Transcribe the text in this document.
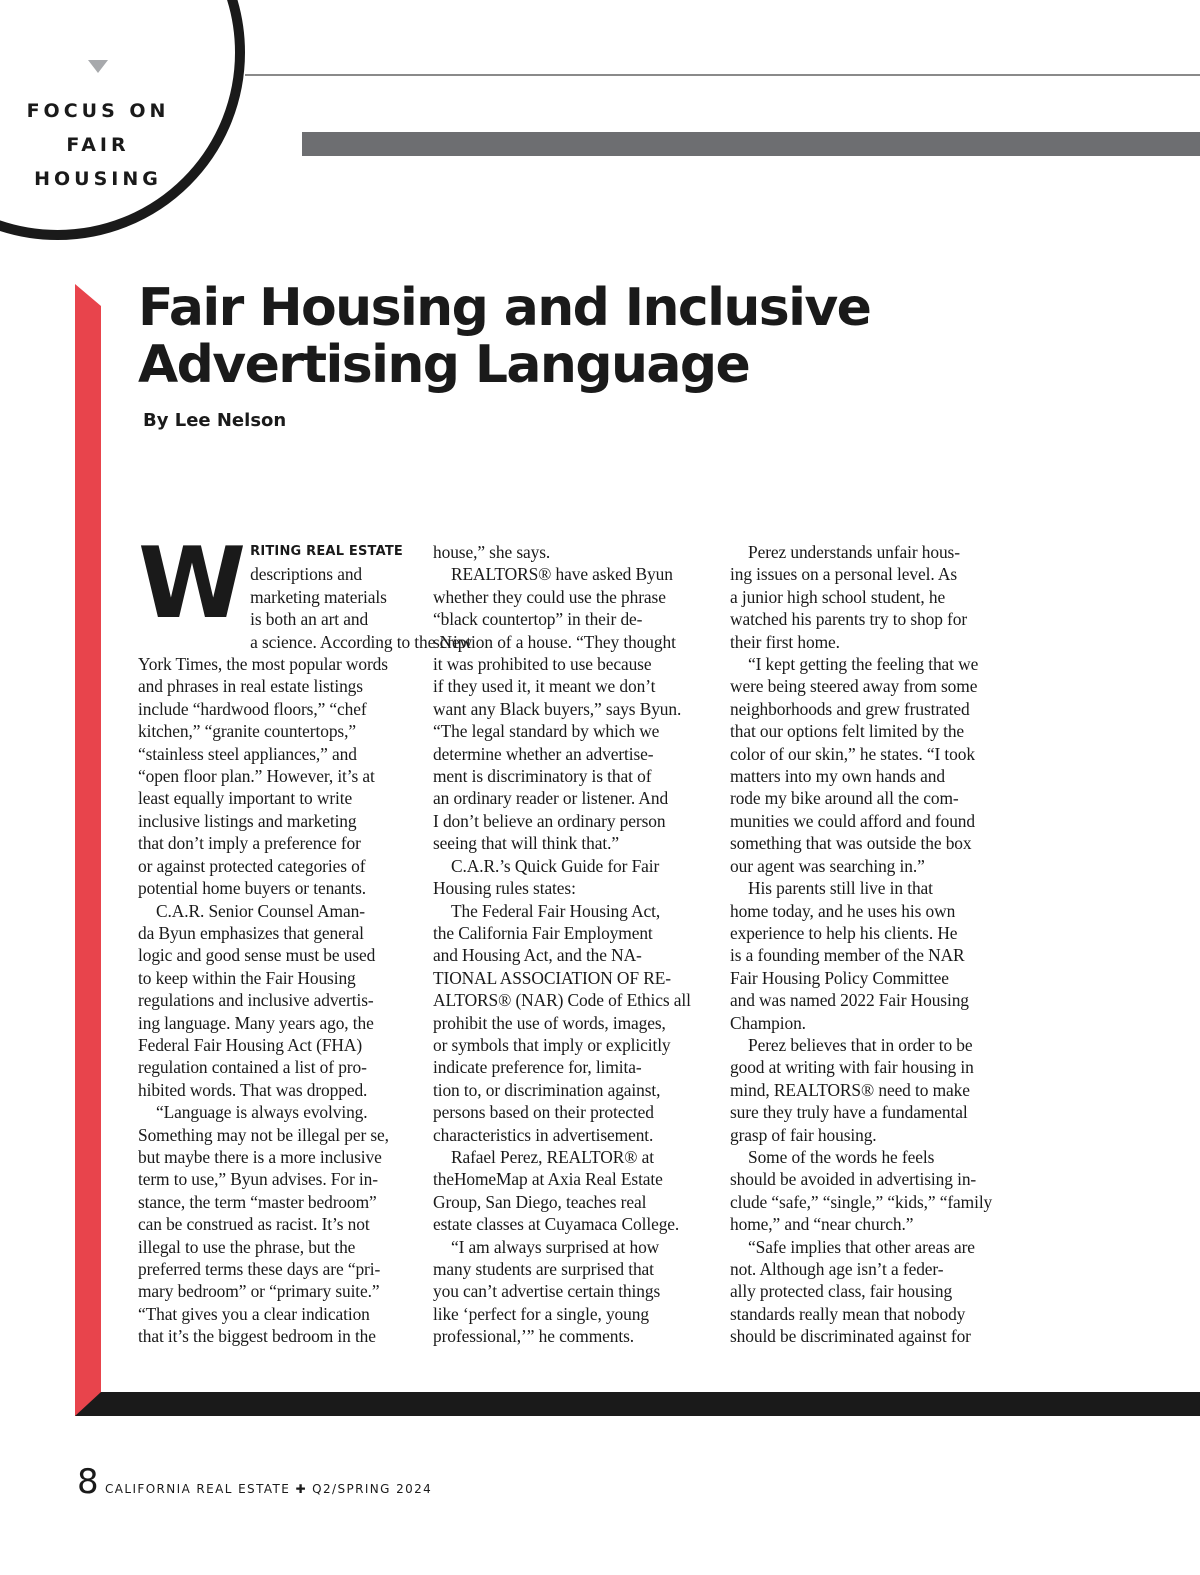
FOCUS ON
FAIR
HOUSING
Fair Housing and Inclusive
Advertising Language
By Lee Nelson
W RITING REAL ESTATE
descriptions and
marketing materials
is both an art and
a science. According to the New
York Times, the most popular words
and phrases in real estate listings
include “hardwood floors,” “chef
kitchen,” “granite countertops,”
“stainless steel appliances,” and
“open floor plan.” However, it’s at
least equally important to write
inclusive listings and marketing
that don’t imply a preference for
or against protected categories of
potential home buyers or tenants.
C.A.R. Senior Counsel Aman-
da Byun emphasizes that general
logic and good sense must be used
to keep within the Fair Housing
regulations and inclusive advertis-
ing language. Many years ago, the
Federal Fair Housing Act (FHA)
regulation contained a list of pro-
hibited words. That was dropped.
“Language is always evolving.
Something may not be illegal per se,
but maybe there is a more inclusive
term to use,” Byun advises. For in-
stance, the term “master bedroom”
can be construed as racist. It’s not
illegal to use the phrase, but the
preferred terms these days are “pri-
mary bedroom” or “primary suite.”
“That gives you a clear indication
that it’s the biggest bedroom in the
house,” she says.
REALTORS® have asked Byun
whether they could use the phrase
“black countertop” in their de-
scription of a house. “They thought
it was prohibited to use because
if they used it, it meant we don’t
want any Black buyers,” says Byun.
“The legal standard by which we
determine whether an advertise-
ment is discriminatory is that of
an ordinary reader or listener. And
I don’t believe an ordinary person
seeing that will think that.”
C.A.R.’s Quick Guide for Fair
Housing rules states:
The Federal Fair Housing Act,
the California Fair Employment
and Housing Act, and the NA-
TIONAL ASSOCIATION OF RE-
ALTORS® (NAR) Code of Ethics all
prohibit the use of words, images,
or symbols that imply or explicitly
indicate preference for, limita-
tion to, or discrimination against,
persons based on their protected
characteristics in advertisement.
Rafael Perez, REALTOR® at
theHomeMap at Axia Real Estate
Group, San Diego, teaches real
estate classes at Cuyamaca College.
“I am always surprised at how
many students are surprised that
you can’t advertise certain things
like ‘perfect for a single, young
professional,’” he comments.
Perez understands unfair hous-
ing issues on a personal level. As
a junior high school student, he
watched his parents try to shop for
their first home.
“I kept getting the feeling that we
were being steered away from some
neighborhoods and grew frustrated
that our options felt limited by the
color of our skin,” he states. “I took
matters into my own hands and
rode my bike around all the com-
munities we could afford and found
something that was outside the box
our agent was searching in.”
His parents still live in that
home today, and he uses his own
experience to help his clients. He
is a founding member of the NAR
Fair Housing Policy Committee
and was named 2022 Fair Housing
Champion.
Perez believes that in order to be
good at writing with fair housing in
mind, REALTORS® need to make
sure they truly have a fundamental
grasp of fair housing.
Some of the words he feels
should be avoided in advertising in-
clude “safe,” “single,” “kids,” “family
home,” and “near church.”
“Safe implies that other areas are
not. Although age isn’t a feder-
ally protected class, fair housing
standards really mean that nobody
should be discriminated against for
8 CALIFORNIA REAL ESTATE ✚ Q2/SPRING 2024
